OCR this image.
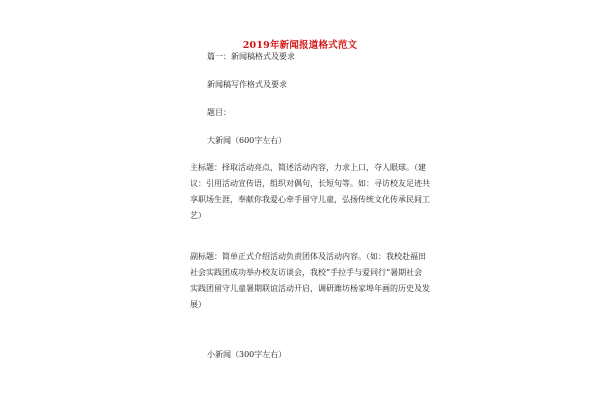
2019年新闻报道格式范文
篇一：新闻稿格式及要求
新闻稿写作格式及要求
题目：
大新闻（600字左右）
主标题：择取活动亮点，简述活动内容，力求上口，夺人眼球。（建
议：引用活动宣传语，组织对偶句，长短句等。如：寻访校友足迹共
享职场生涯，奉献你我爱心牵手留守儿童，弘扬传统文化传承民间工
艺）
副标题：简单正式介绍活动负责团体及活动内容。（如：我校赴福田
社会实践团成功举办校友访谈会，我校“手拉手与爱同行”暑期社会
实践团留守儿童暑期联谊活动开启，调研潍坊杨家埠年画的历史及发
展）
小新闻（300字左右）
